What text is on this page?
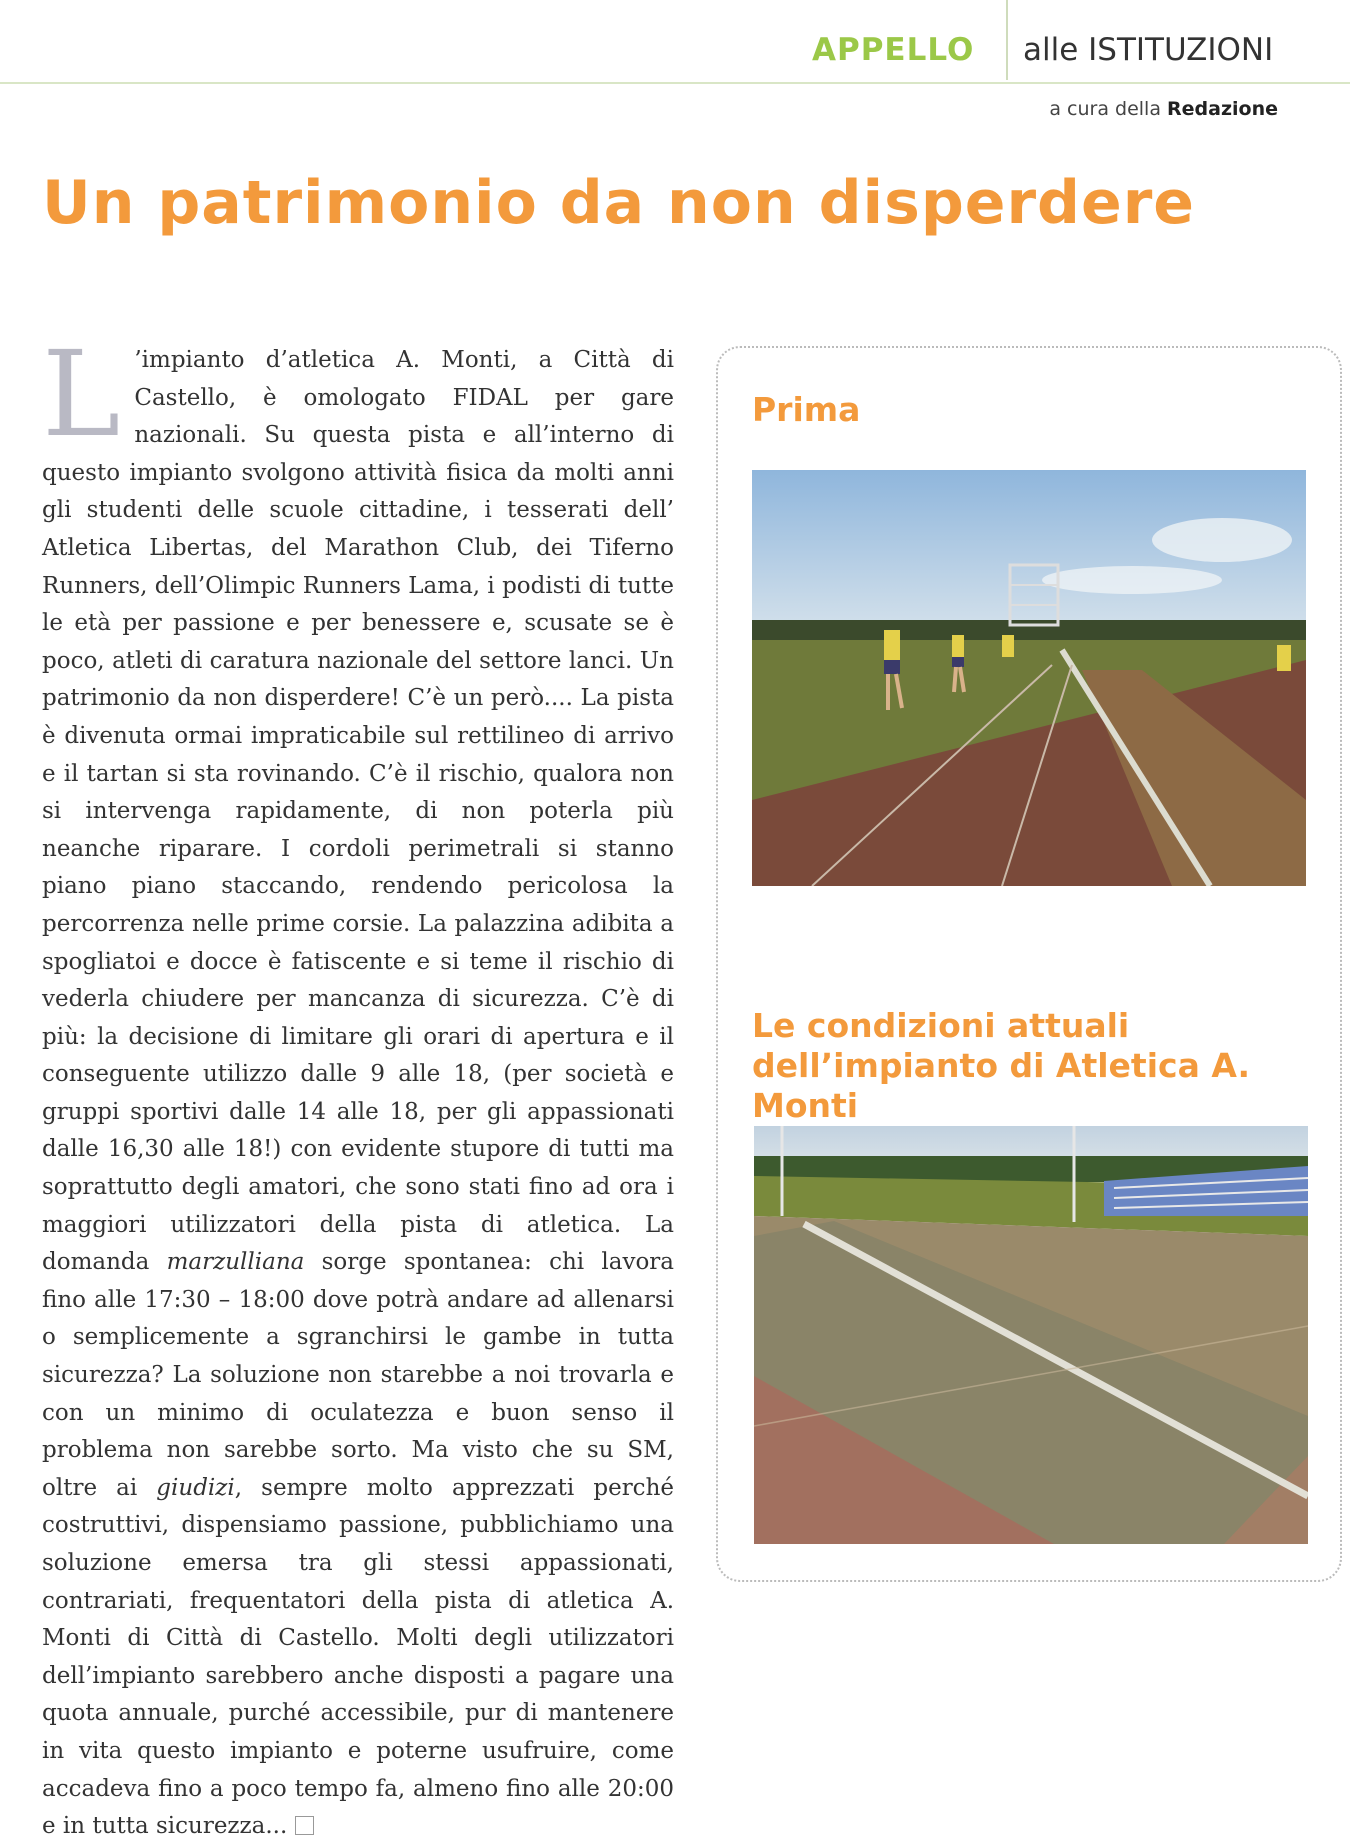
APPELLO alle ISTITUZIONI
a cura della Redazione
Un patrimonio da non disperdere
L ’impianto d’atletica A. Monti, a Città di Castello, è omologato FIDAL per gare nazionali. Su questa pista e all’interno di questo impianto svolgono attività fisica da molti anni gli studenti delle scuole cittadine, i tesserati dell’ Atletica Libertas, del Marathon Club, dei Tiferno Runners, dell’Olimpic Runners Lama, i podisti di tutte le età per passione e per benessere e, scusate se è poco, atleti di caratura nazionale del settore lanci. Un patrimonio da non disperdere! C’è un però.... La pista è divenuta ormai impraticabile sul rettilineo di arrivo e il tartan si sta rovinando. C’è il rischio, qualora non si intervenga rapidamente, di non poterla più neanche riparare. I cordoli perimetrali si stanno piano piano staccando, rendendo pericolosa la percorrenza nelle prime corsie. La palazzina adibita a spogliatoi e docce è fatiscente e si teme il rischio di vederla chiudere per mancanza di sicurezza. C’è di più: la decisione di limitare gli orari di apertura e il conseguente utilizzo dalle 9 alle 18, (per società e gruppi sportivi dalle 14 alle 18, per gli appassionati dalle 16,30 alle 18!) con evidente stupore di tutti ma soprattutto degli amatori, che sono stati fino ad ora i maggiori utilizzatori della pista di atletica. La domanda marzulliana sorge spontanea: chi lavora fino alle 17:30 – 18:00 dove potrà andare ad allenarsi o semplicemente a sgranchirsi le gambe in tutta sicurezza? La soluzione non starebbe a noi trovarla e con un minimo di oculatezza e buon senso il problema non sarebbe sorto. Ma visto che su SM, oltre ai giudizi, sempre molto apprezzati perché costruttivi, dispensiamo passione, pubblichiamo una soluzione emersa tra gli stessi appassionati, contrariati, frequentatori della pista di atletica A. Monti di Città di Castello. Molti degli utilizzatori dell’impianto sarebbero anche disposti a pagare una quota annuale, purché accessibile, pur di mantenere in vita questo impianto e poterne usufruire, come accadeva fino a poco tempo fa, almeno fino alle 20:00 e in tutta sicurezza...
Prima
Le condizioni attuali dell’impianto di Atletica A. Monti
